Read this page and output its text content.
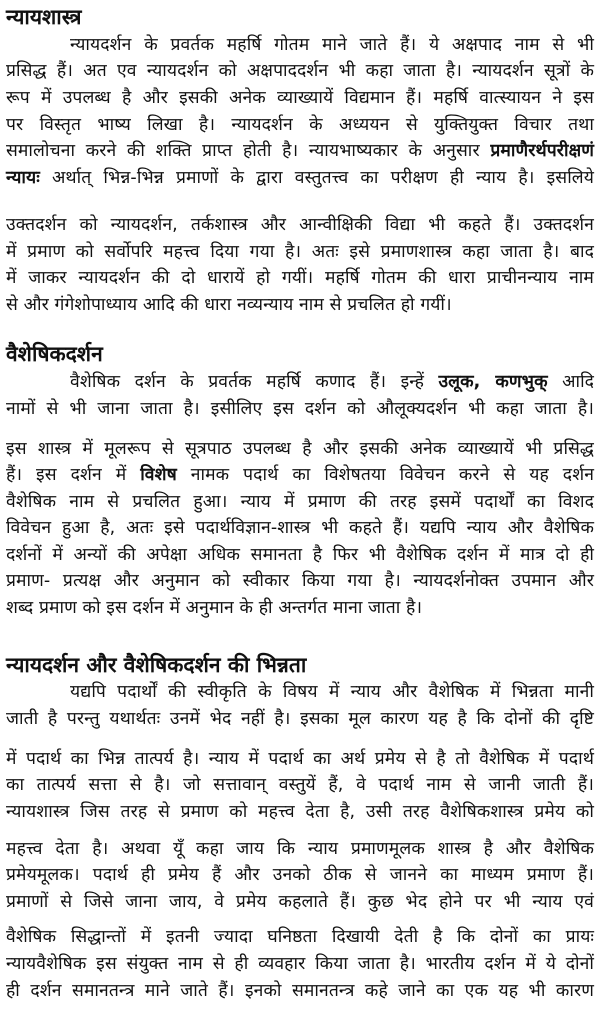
न्यायशास्त्र
न्यायदर्शन के प्रवर्तक महर्षि गोतम माने जाते हैं। ये अक्षपाद नाम से भी
प्रसिद्ध हैं। अत एव न्यायदर्शन को अक्षपाददर्शन भी कहा जाता है। न्यायदर्शन सूत्रों के
रूप में उपलब्ध है और इसकी अनेक व्याख्यायें विद्यमान हैं। महर्षि वात्स्यायन ने इस
पर विस्तृत भाष्य लिखा है। न्यायदर्शन के अध्ययन से युक्तियुक्त विचार तथा
समालोचना करने की शक्ति प्राप्त होती है। न्यायभाष्यकार के अनुसार प्रमाणैरर्थपरीक्षणं
न्यायः अर्थात् भिन्न-भिन्न प्रमाणों के द्वारा वस्तुतत्त्व का परीक्षण ही न्याय है। इसलिये
उक्तदर्शन को न्यायदर्शन, तर्कशास्त्र और आन्वीक्षिकी विद्या भी कहते हैं। उक्तदर्शन
में प्रमाण को सर्वोपरि महत्त्व दिया गया है। अतः इसे प्रमाणशास्त्र कहा जाता है। बाद
में जाकर न्यायदर्शन की दो धारायें हो गयीं। महर्षि गोतम की धारा प्राचीनन्याय नाम
से और गंगेशोपाध्याय आदि की धारा नव्यन्याय नाम से प्रचलित हो गयीं।
वैशेषिकदर्शन
वैशेषिक दर्शन के प्रवर्तक महर्षि कणाद हैं। इन्हें उलूक, कणभुक् आदि
नामों से भी जाना जाता है। इसीलिए इस दर्शन को औलूक्यदर्शन भी कहा जाता है।
इस शास्त्र में मूलरूप से सूत्रपाठ उपलब्ध है और इसकी अनेक व्याख्यायें भी प्रसिद्ध
हैं। इस दर्शन में विशेष नामक पदार्थ का विशेषतया विवेचन करने से यह दर्शन
वैशेषिक नाम से प्रचलित हुआ। न्याय में प्रमाण की तरह इसमें पदार्थों का विशद
विवेचन हुआ है, अतः इसे पदार्थविज्ञान-शास्त्र भी कहते हैं। यद्यपि न्याय और वैशेषिक
दर्शनों में अन्यों की अपेक्षा अधिक समानता है फिर भी वैशेषिक दर्शन में मात्र दो ही
प्रमाण- प्रत्यक्ष और अनुमान को स्वीकार किया गया है। न्यायदर्शनोक्त उपमान और
शब्द प्रमाण को इस दर्शन में अनुमान के ही अन्तर्गत माना जाता है।
न्यायदर्शन और वैशेषिकदर्शन की भिन्नता
यद्यपि पदार्थों की स्वीकृति के विषय में न्याय और वैशेषिक में भिन्नता मानी
जाती है परन्तु यथार्थतः उनमें भेद नहीं है। इसका मूल कारण यह है कि दोनों की दृष्टि
में पदार्थ का भिन्न तात्पर्य है। न्याय में पदार्थ का अर्थ प्रमेय से है तो वैशेषिक में पदार्थ
का तात्पर्य सत्ता से है। जो सत्तावान् वस्तुयें हैं, वे पदार्थ नाम से जानी जाती हैं।
न्यायशास्त्र जिस तरह से प्रमाण को महत्त्व देता है, उसी तरह वैशेषिकशास्त्र प्रमेय को
महत्त्व देता है। अथवा यूँ कहा जाय कि न्याय प्रमाणमूलक शास्त्र है और वैशेषिक
प्रमेयमूलक। पदार्थ ही प्रमेय हैं और उनको ठीक से जानने का माध्यम प्रमाण हैं।
प्रमाणों से जिसे जाना जाय, वे प्रमेय कहलाते हैं। कुछ भेद होने पर भी न्याय एवं
वैशेषिक सिद्धान्तों में इतनी ज्यादा घनिष्ठता दिखायी देती है कि दोनों का प्रायः
न्यायवैशेषिक इस संयुक्त नाम से ही व्यवहार किया जाता है। भारतीय दर्शन में ये दोनों
ही दर्शन समानतन्त्र माने जाते हैं। इनको समानतन्त्र कहे जाने का एक यह भी कारण
